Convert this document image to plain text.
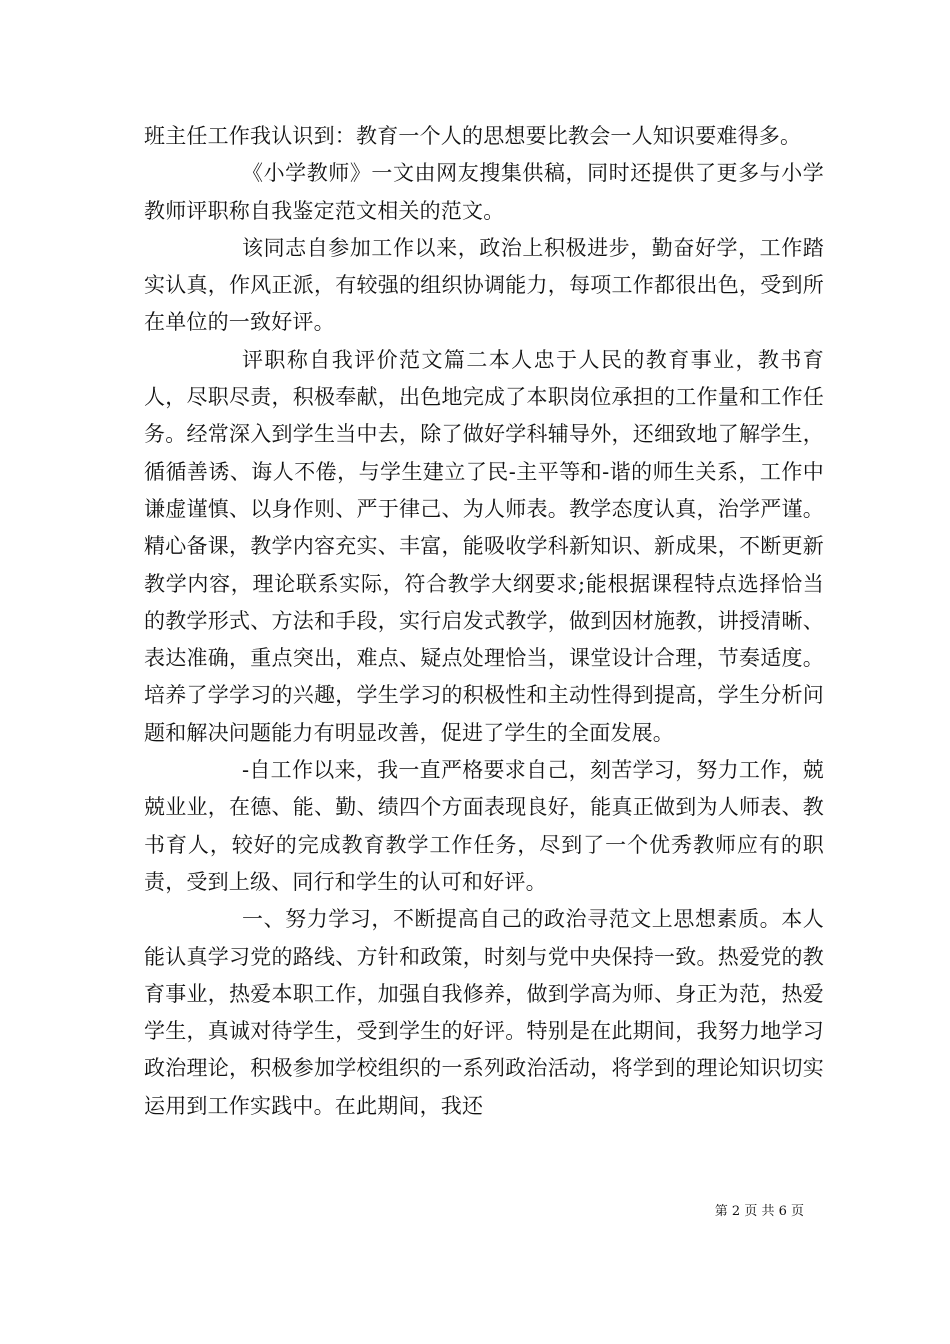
班主任工作我认识到：教育一个人的思想要比教会一人知识要难得多。

《小学教师》一文由网友搜集供稿，同时还提供了更多与小学教师评职称自我鉴定范文相关的范文。

该同志自参加工作以来，政治上积极进步，勤奋好学，工作踏实认真，作风正派，有较强的组织协调能力，每项工作都很出色，受到所在单位的一致好评。

评职称自我评价范文篇二本人忠于人民的教育事业，教书育人，尽职尽责，积极奉献，出色地完成了本职岗位承担的工作量和工作任务。经常深入到学生当中去，除了做好学科辅导外，还细致地了解学生，循循善诱、诲人不倦，与学生建立了民-主平等和-谐的师生关系，工作中谦虚谨慎、以身作则、严于律己、为人师表。教学态度认真，治学严谨。精心备课，教学内容充实、丰富，能吸收学科新知识、新成果，不断更新教学内容，理论联系实际，符合教学大纲要求;能根据课程特点选择恰当的教学形式、方法和手段，实行启发式教学，做到因材施教，讲授清晰、表达准确，重点突出，难点、疑点处理恰当，课堂设计合理，节奏适度。培养了学学习的兴趣，学生学习的积极性和主动性得到提高，学生分析问题和解决问题能力有明显改善，促进了学生的全面发展。

-自工作以来，我一直严格要求自己，刻苦学习，努力工作，兢兢业业，在德、能、勤、绩四个方面表现良好，能真正做到为人师表、教书育人，较好的完成教育教学工作任务，尽到了一个优秀教师应有的职责，受到上级、同行和学生的认可和好评。

一、努力学习，不断提高自己的政治寻范文上思想素质。本人能认真学习党的路线、方针和政策，时刻与党中央保持一致。热爱党的教育事业，热爱本职工作，加强自我修养，做到学高为师、身正为范，热爱学生，真诚对待学生，受到学生的好评。特别是在此期间，我努力地学习政治理论，积极参加学校组织的一系列政治活动，将学到的理论知识切实运用到工作实践中。在此期间，我还

第 2 页 共 6 页
